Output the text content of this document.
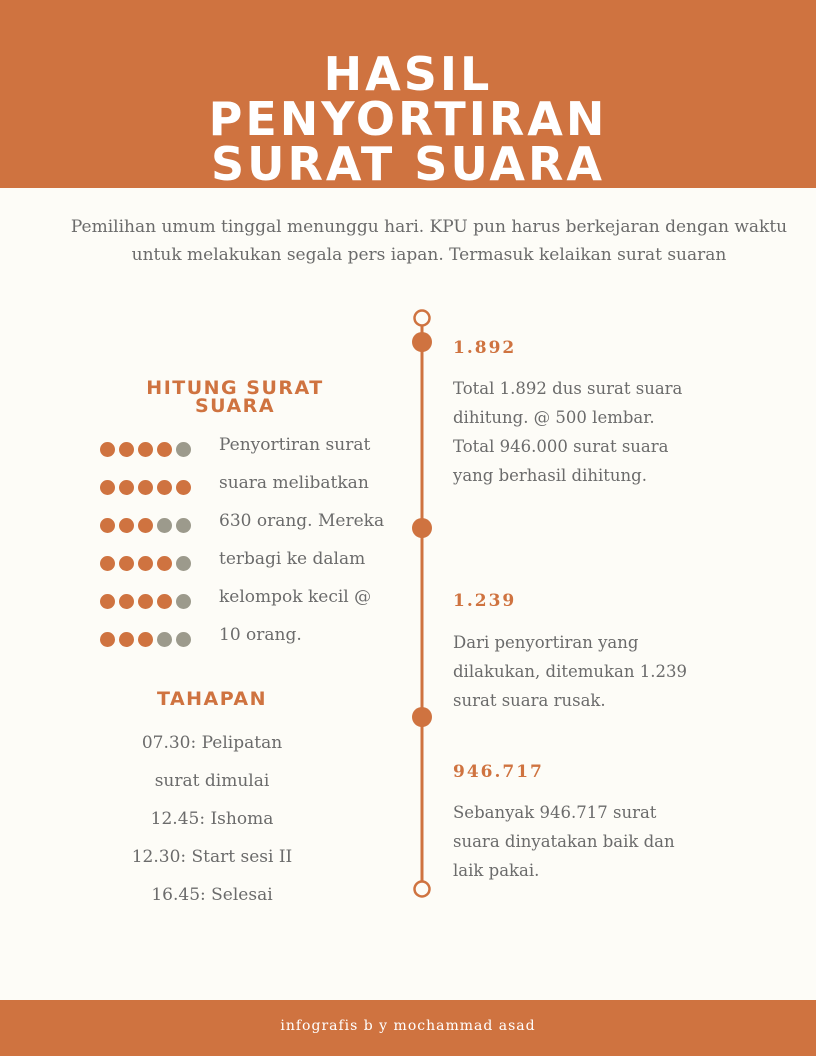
HASIL
PENYORTIRAN
SURAT SUARA

Pemilihan umum tinggal menunggu hari. KPU pun harus berkejaran dengan waktu untuk melakukan segala pers iapan. Termasuk kelaikan surat suaran

HITUNG SURAT
SUARA
Penyortiran surat
suara melibatkan
630 orang. Mereka
terbagi ke dalam
kelompok kecil @
10 orang.
TAHAPAN
07.30: Pelipatan
surat dimulai
12.45: Ishoma
12.30: Start sesi II
16.45: Selesai
1.892

Total 1.892 dus surat suara dihitung. @ 500 lembar. Total 946.000 surat suara yang berhasil dihitung.

1.239

Dari penyortiran yang dilakukan, ditemukan 1.239 surat suara rusak.

946.717

Sebanyak 946.717 surat suara dinyatakan baik dan laik pakai.

infografis b y mochammad asad
